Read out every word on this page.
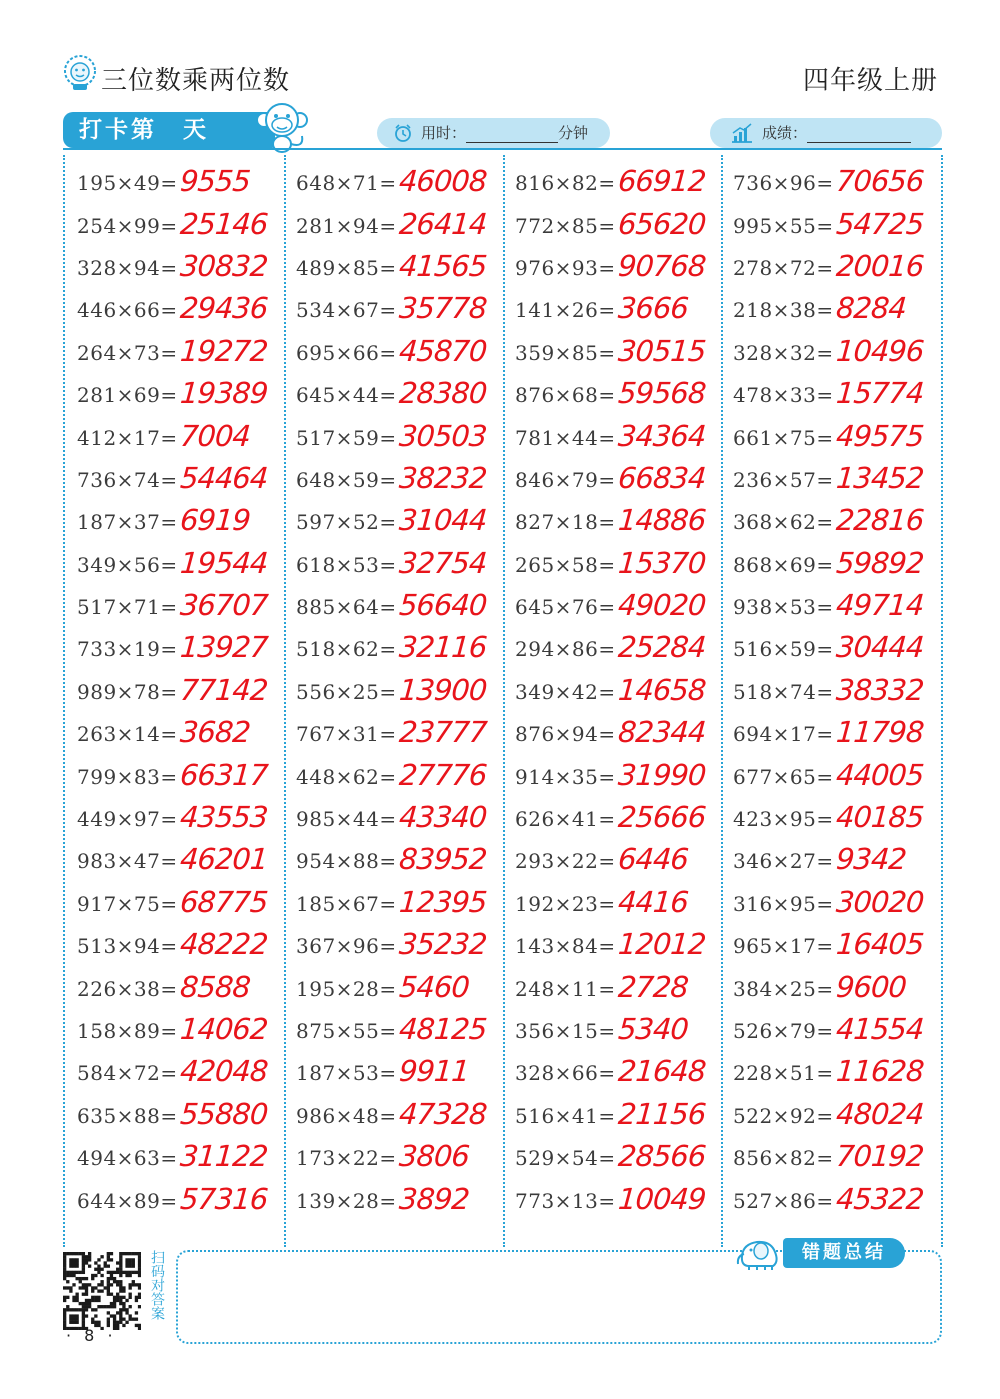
三位数乘两位数	四年级上册
打卡第　天	用时：	分钟	成绩：
195×49= 9555
254×99= 25146
328×94= 30832
446×66= 29436
264×73= 19272
281×69= 19389
412×17= 7004
736×74= 54464
187×37= 6919
349×56= 19544
517×71= 36707
733×19= 13927
989×78= 77142
263×14= 3682
799×83= 66317
449×97= 43553
983×47= 46201
917×75= 68775
513×94= 48222
226×38= 8588
158×89= 14062
584×72= 42048
635×88= 55880
494×63= 31122
644×89= 57316
648×71= 46008
281×94= 26414
489×85= 41565
534×67= 35778
695×66= 45870
645×44= 28380
517×59= 30503
648×59= 38232
597×52= 31044
618×53= 32754
885×64= 56640
518×62= 32116
556×25= 13900
767×31= 23777
448×62= 27776
985×44= 43340
954×88= 83952
185×67= 12395
367×96= 35232
195×28= 5460
875×55= 48125
187×53= 9911
986×48= 47328
173×22= 3806
139×28= 3892
816×82= 66912
772×85= 65620
976×93= 90768
141×26= 3666
359×85= 30515
876×68= 59568
781×44= 34364
846×79= 66834
827×18= 14886
265×58= 15370
645×76= 49020
294×86= 25284
349×42= 14658
876×94= 82344
914×35= 31990
626×41= 25666
293×22= 6446
192×23= 4416
143×84= 12012
248×11= 2728
356×15= 5340
328×66= 21648
516×41= 21156
529×54= 28566
773×13= 10049
736×96= 70656
995×55= 54725
278×72= 20016
218×38= 8284
328×32= 10496
478×33= 15774
661×75= 49575
236×57= 13452
368×62= 22816
868×69= 59892
938×53= 49714
516×59= 30444
518×74= 38332
694×17= 11798
677×65= 44005
423×95= 40185
346×27= 9342
316×95= 30020
965×17= 16405
384×25= 9600
526×79= 41554
228×51= 11628
522×92= 48024
856×82= 70192
527×86= 45322
扫码对答案	错题总结
· 8 ·
